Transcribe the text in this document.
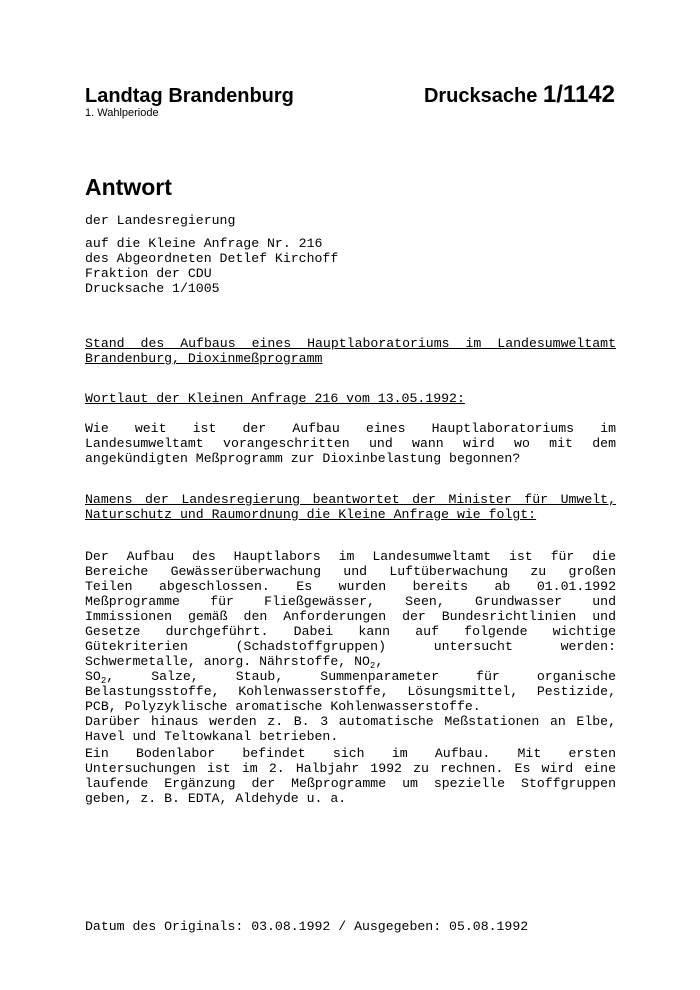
Landtag Brandenburg
1. Wahlperiode
Drucksache 1/1142
Antwort
der Landesregierung
auf die Kleine Anfrage Nr. 216
des Abgeordneten Detlef Kirchoff
Fraktion der CDU
Drucksache 1/1005
Stand des Aufbaus eines Hauptlaboratoriums im Landesumweltamt
Brandenburg, Dioxinmeßprogramm
Wortlaut der Kleinen Anfrage 216 vom 13.05.1992:
Wie weit ist der Aufbau eines Hauptlaboratoriums im
Landesumweltamt vorangeschritten und wann wird wo mit dem
angekündigten Meßprogramm zur Dioxinbelastung begonnen?
Namens der Landesregierung beantwortet der Minister für Umwelt,
Naturschutz und Raumordnung die Kleine Anfrage wie folgt:
Der Aufbau des Hauptlabors im Landesumweltamt ist für die
Bereiche Gewässerüberwachung und Luftüberwachung zu großen
Teilen abgeschlossen. Es wurden bereits ab 01.01.1992
Meßprogramme für Fließgewässer, Seen, Grundwasser und
Immissionen gemäß den Anforderungen der Bundesrichtlinien und
Gesetze durchgeführt. Dabei kann auf folgende wichtige
Gütekriterien (Schadstoffgruppen) untersucht werden:
Schwermetalle, anorg. Nährstoffe, $NO_2$,
$SO_2$, Salze, Staub, Summenparameter für organische
Belastungsstoffe, Kohlenwasserstoffe, Lösungsmittel, Pestizide,
PCB, Polyzyklische aromatische Kohlenwasserstoffe.
Darüber hinaus werden z. B. 3 automatische Meßstationen an Elbe,
Havel und Teltowkanal betrieben.
Ein Bodenlabor befindet sich im Aufbau. Mit ersten
Untersuchungen ist im 2. Halbjahr 1992 zu rechnen. Es wird eine
laufende Ergänzung der Meßprogramme um spezielle Stoffgruppen
geben, z. B. EDTA, Aldehyde u. a.
Datum des Originals: 03.08.1992 / Ausgegeben: 05.08.1992
